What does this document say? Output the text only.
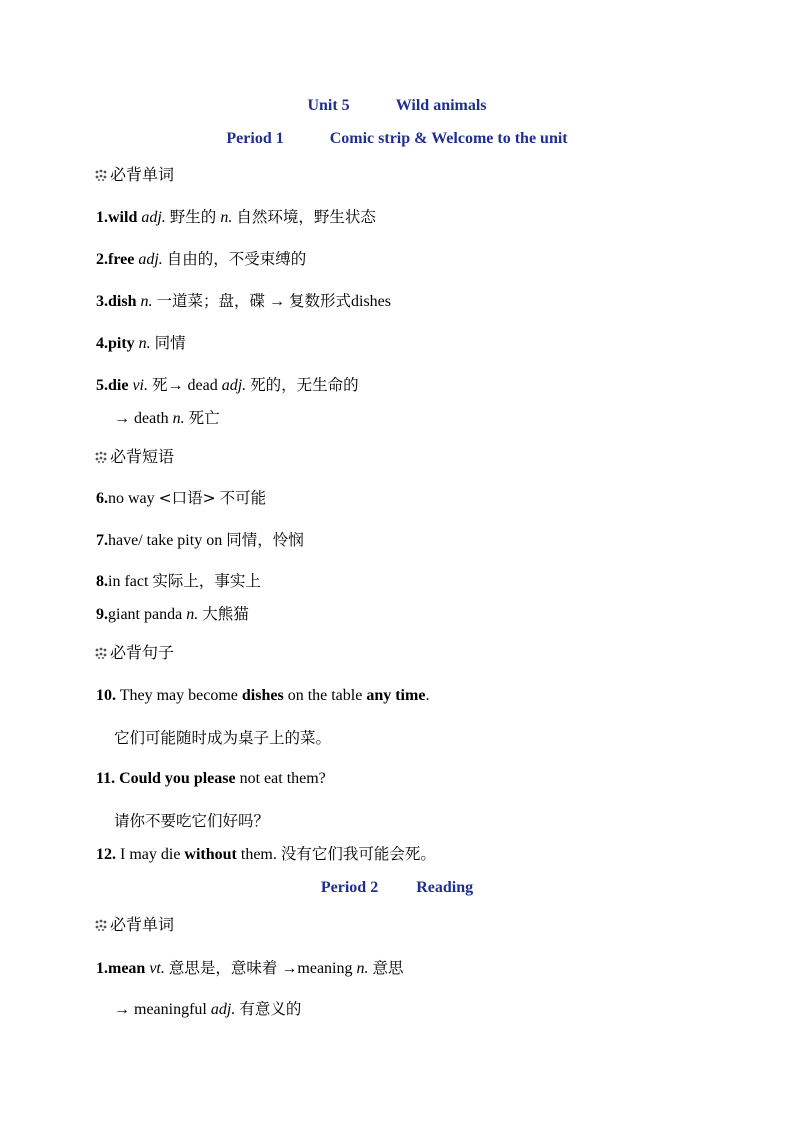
Unit 5	Wild animals
Period 1	Comic strip & Welcome to the unit
必背单词
1.wild adj. 野生的 n. 自然环境，野生状态
2.free adj. 自由的，不受束缚的
3.dish n. 一道菜；盘，碟 → 复数形式dishes
4.pity n. 同情
5.die vi. 死→ dead adj. 死的，无生命的
→ death n. 死亡
必背短语
6.no way <口语> 不可能
7.have/ take pity on 同情，怜悯
8.in fact 实际上，事实上
9.giant panda n. 大熊猫
必背句子
10. They may become dishes on the table any time.
它们可能随时成为桌子上的菜。
11. Could you please not eat them?
请你不要吃它们好吗？
12. I may die without them. 没有它们我可能会死。
Period 2 Reading
必背单词
1.mean vt. 意思是，意味着 →meaning n. 意思
→ meaningful adj. 有意义的
